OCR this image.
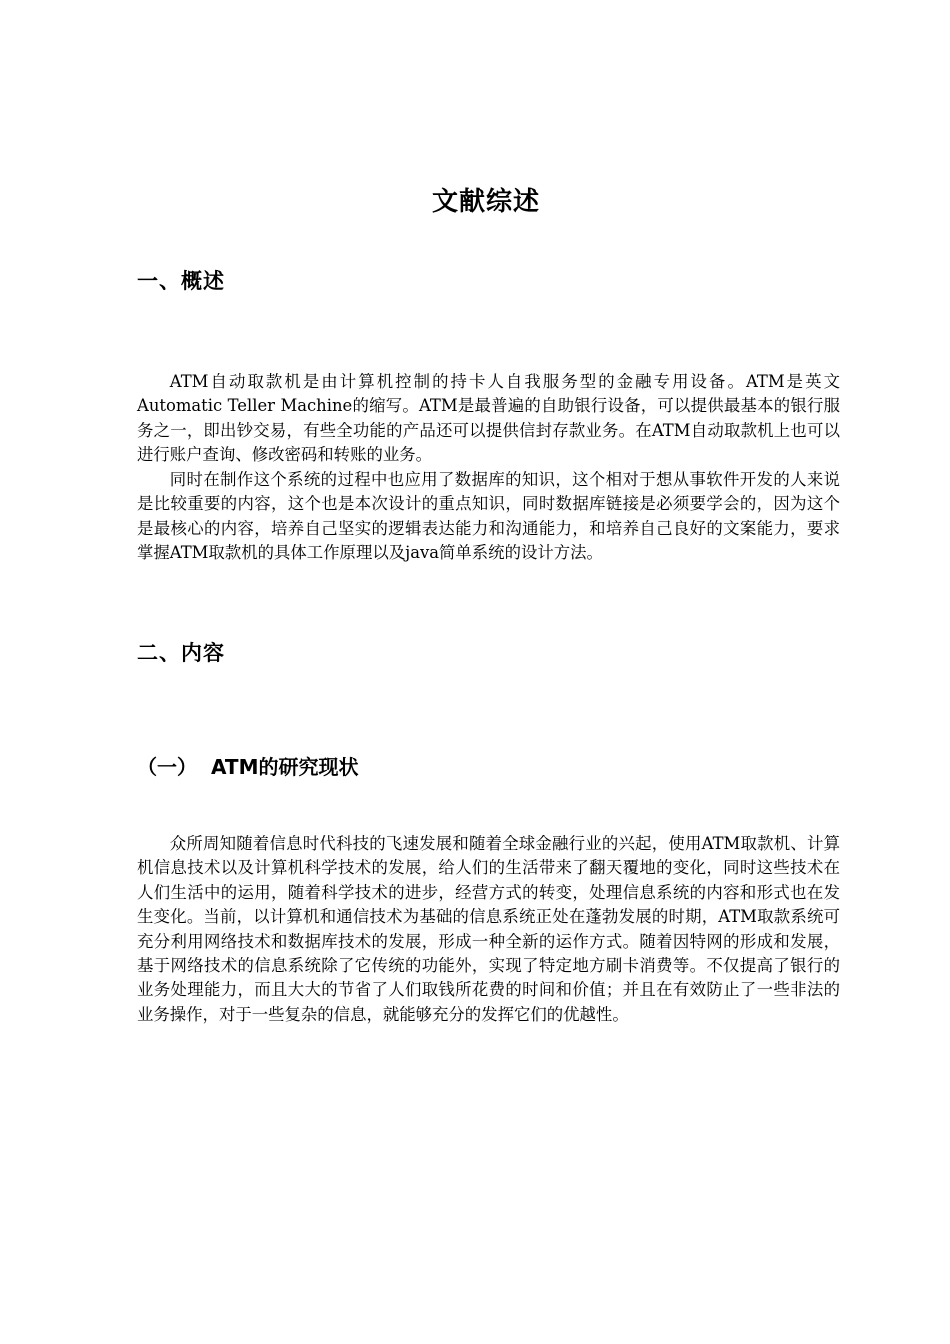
文献综述
一、概述

ATM自动取款机是由计算机控制的持卡人自我服务型的金融专用设备。ATM是英文Automatic Teller Machine的缩写。ATM是最普遍的自助银行设备，可以提供最基本的银行服务之一，即出钞交易，有些全功能的产品还可以提供信封存款业务。在ATM自动取款机上也可以进行账户查询、修改密码和转账的业务。

同时在制作这个系统的过程中也应用了数据库的知识，这个相对于想从事软件开发的人来说是比较重要的内容，这个也是本次设计的重点知识，同时数据库链接是必须要学会的，因为这个是最核心的内容，培养自己坚实的逻辑表达能力和沟通能力，和培养自己良好的文案能力，要求掌握ATM取款机的具体工作原理以及java简单系统的设计方法。

二、内容
（一） ATM的研究现状

众所周知随着信息时代科技的飞速发展和随着全球金融行业的兴起，使用ATM取款机、计算机信息技术以及计算机科学技术的发展，给人们的生活带来了翻天覆地的变化，同时这些技术在人们生活中的运用，随着科学技术的进步，经营方式的转变，处理信息系统的内容和形式也在发生变化。当前，以计算机和通信技术为基础的信息系统正处在蓬勃发展的时期，ATM取款系统可充分利用网络技术和数据库技术的发展，形成一种全新的运作方式。随着因特网的形成和发展，基于网络技术的信息系统除了它传统的功能外，实现了特定地方刷卡消费等。不仅提高了银行的业务处理能力，而且大大的节省了人们取钱所花费的时间和价值；并且在有效防止了一些非法的业务操作，对于一些复杂的信息，就能够充分的发挥它们的优越性。
